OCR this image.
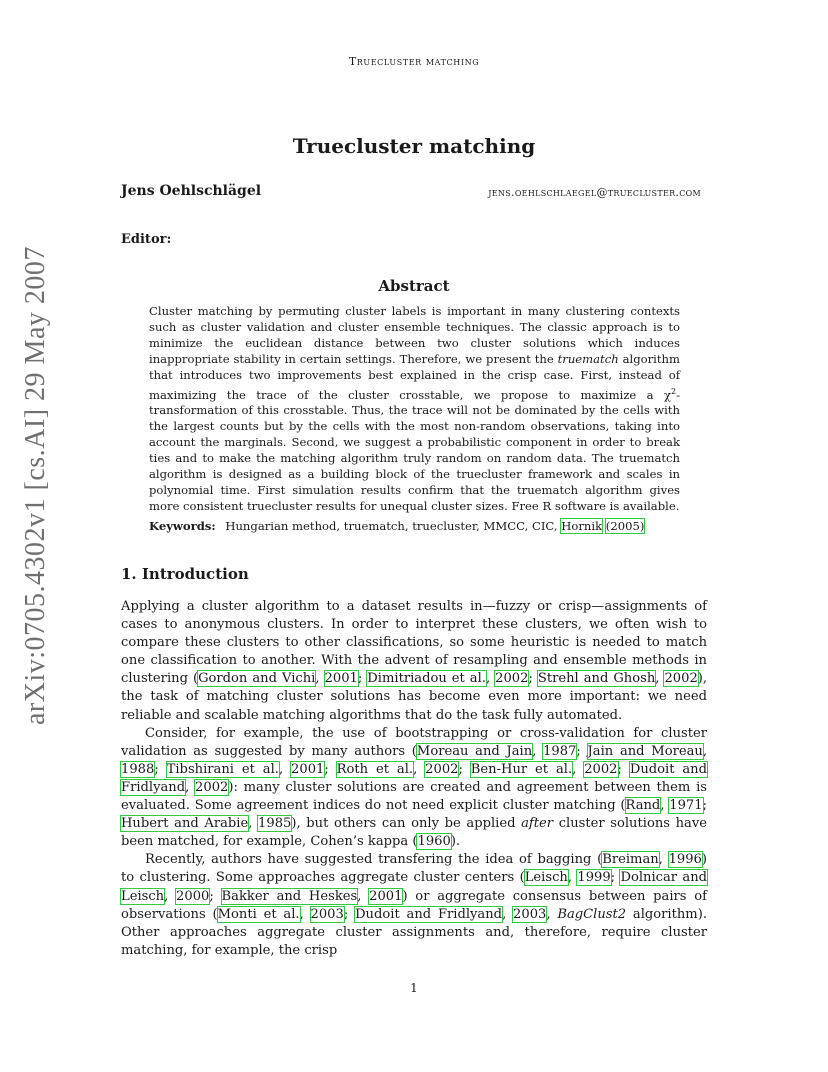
Truecluster matching
arXiv:0705.4302v1 [cs.AI] 29 May 2007
Truecluster matching
Jens Oehlschlägel	jens.oehlschlaegel@truecluster.com
Editor:
Abstract
Cluster matching by permuting cluster labels is important in many clustering contexts such as cluster validation and cluster ensemble techniques. The classic approach is to minimize the euclidean distance between two cluster solutions which induces inappropriate stability in certain settings. Therefore, we present the truematch algorithm that introduces two improvements best explained in the crisp case. First, instead of maximizing the trace of the cluster crosstable, we propose to maximize a $\chi^2$-transformation of this crosstable. Thus, the trace will not be dominated by the cells with the largest counts but by the cells with the most non-random observations, taking into account the marginals. Second, we suggest a probabilistic component in order to break ties and to make the matching algorithm truly random on random data. The truematch algorithm is designed as a building block of the truecluster framework and scales in polynomial time. First simulation results confirm that the truematch algorithm gives more consistent truecluster results for unequal cluster sizes. Free R software is available.
Keywords: Hungarian method, truematch, truecluster, MMCC, CIC, Hornik (2005)
1. Introduction

Applying a cluster algorithm to a dataset results in—fuzzy or crisp—assignments of cases to anonymous clusters. In order to interpret these clusters, we often wish to compare these clusters to other classifications, so some heuristic is needed to match one classification to another. With the advent of resampling and ensemble methods in clustering (Gordon and Vichi, 2001; Dimitriadou et al., 2002; Strehl and Ghosh, 2002), the task of matching cluster solutions has become even more important: we need reliable and scalable matching algorithms that do the task fully automated.

Consider, for example, the use of bootstrapping or cross-validation for cluster validation as suggested by many authors (Moreau and Jain, 1987; Jain and Moreau, 1988; Tibshirani et al., 2001; Roth et al., 2002; Ben-Hur et al., 2002; Dudoit and Fridlyand, 2002): many cluster solutions are created and agreement between them is evaluated. Some agreement indices do not need explicit cluster matching (Rand, 1971; Hubert and Arabie, 1985), but others can only be applied after cluster solutions have been matched, for example, Cohen’s kappa (1960).

Recently, authors have suggested transfering the idea of bagging (Breiman, 1996) to clustering. Some approaches aggregate cluster centers (Leisch, 1999; Dolnicar and Leisch, 2000; Bakker and Heskes, 2001) or aggregate consensus between pairs of observations (Monti et al., 2003; Dudoit and Fridlyand, 2003, BagClust2 algorithm). Other approaches aggregate cluster assignments and, therefore, require cluster matching, for example, the crisp

1
